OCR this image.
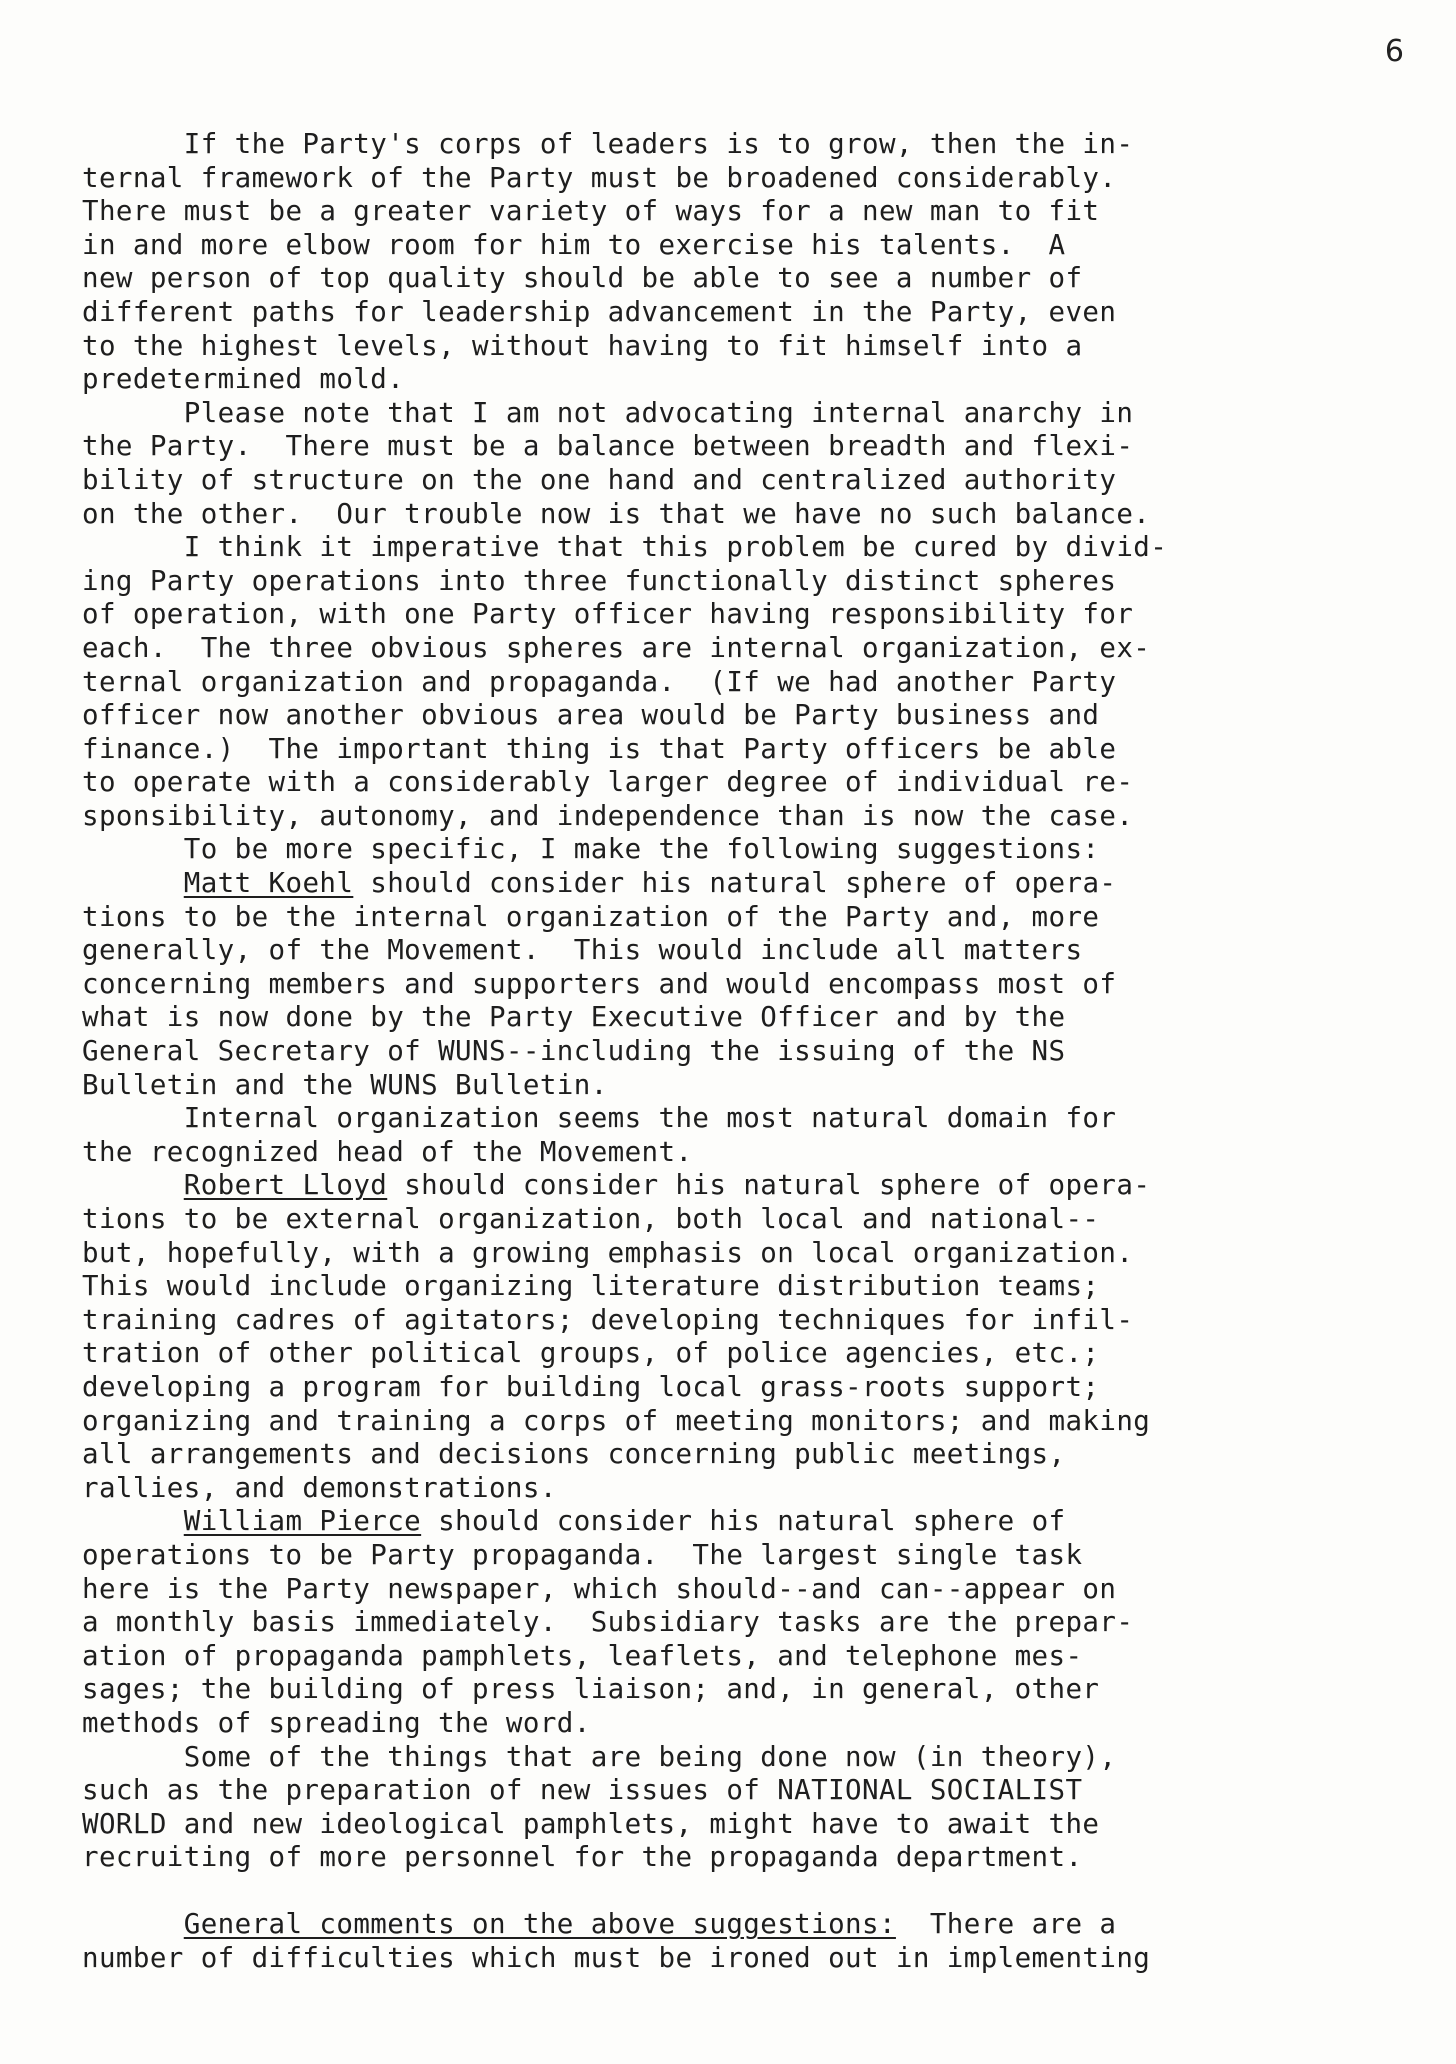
6
If the Party's corps of leaders is to grow, then the in-
ternal framework of the Party must be broadened considerably.
There must be a greater variety of ways for a new man to fit
in and more elbow room for him to exercise his talents.  A
new person of top quality should be able to see a number of
different paths for leadership advancement in the Party, even
to the highest levels, without having to fit himself into a
predetermined mold.
Please note that I am not advocating internal anarchy in
the Party.  There must be a balance between breadth and flexi-
bility of structure on the one hand and centralized authority
on the other.  Our trouble now is that we have no such balance.
I think it imperative that this problem be cured by divid-
ing Party operations into three functionally distinct spheres
of operation, with one Party officer having responsibility for
each.  The three obvious spheres are internal organization, ex-
ternal organization and propaganda.  (If we had another Party
officer now another obvious area would be Party business and
finance.)  The important thing is that Party officers be able
to operate with a considerably larger degree of individual re-
sponsibility, autonomy, and independence than is now the case.
To be more specific, I make the following suggestions:
Matt Koehl should consider his natural sphere of opera-
tions to be the internal organization of the Party and, more
generally, of the Movement.  This would include all matters
concerning members and supporters and would encompass most of
what is now done by the Party Executive Officer and by the
General Secretary of WUNS--including the issuing of the NS
Bulletin and the WUNS Bulletin.
Internal organization seems the most natural domain for
the recognized head of the Movement.
Robert Lloyd should consider his natural sphere of opera-
tions to be external organization, both local and national--
but, hopefully, with a growing emphasis on local organization.
This would include organizing literature distribution teams;
training cadres of agitators; developing techniques for infil-
tration of other political groups, of police agencies, etc.;
developing a program for building local grass-roots support;
organizing and training a corps of meeting monitors; and making
all arrangements and decisions concerning public meetings,
rallies, and demonstrations.
William Pierce should consider his natural sphere of
operations to be Party propaganda.  The largest single task
here is the Party newspaper, which should--and can--appear on
a monthly basis immediately.  Subsidiary tasks are the prepar-
ation of propaganda pamphlets, leaflets, and telephone mes-
sages; the building of press liaison; and, in general, other
methods of spreading the word.
Some of the things that are being done now (in theory),
such as the preparation of new issues of NATIONAL SOCIALIST
WORLD and new ideological pamphlets, might have to await the
recruiting of more personnel for the propaganda department.

General comments on the above suggestions:  There are a
number of difficulties which must be ironed out in implementing
